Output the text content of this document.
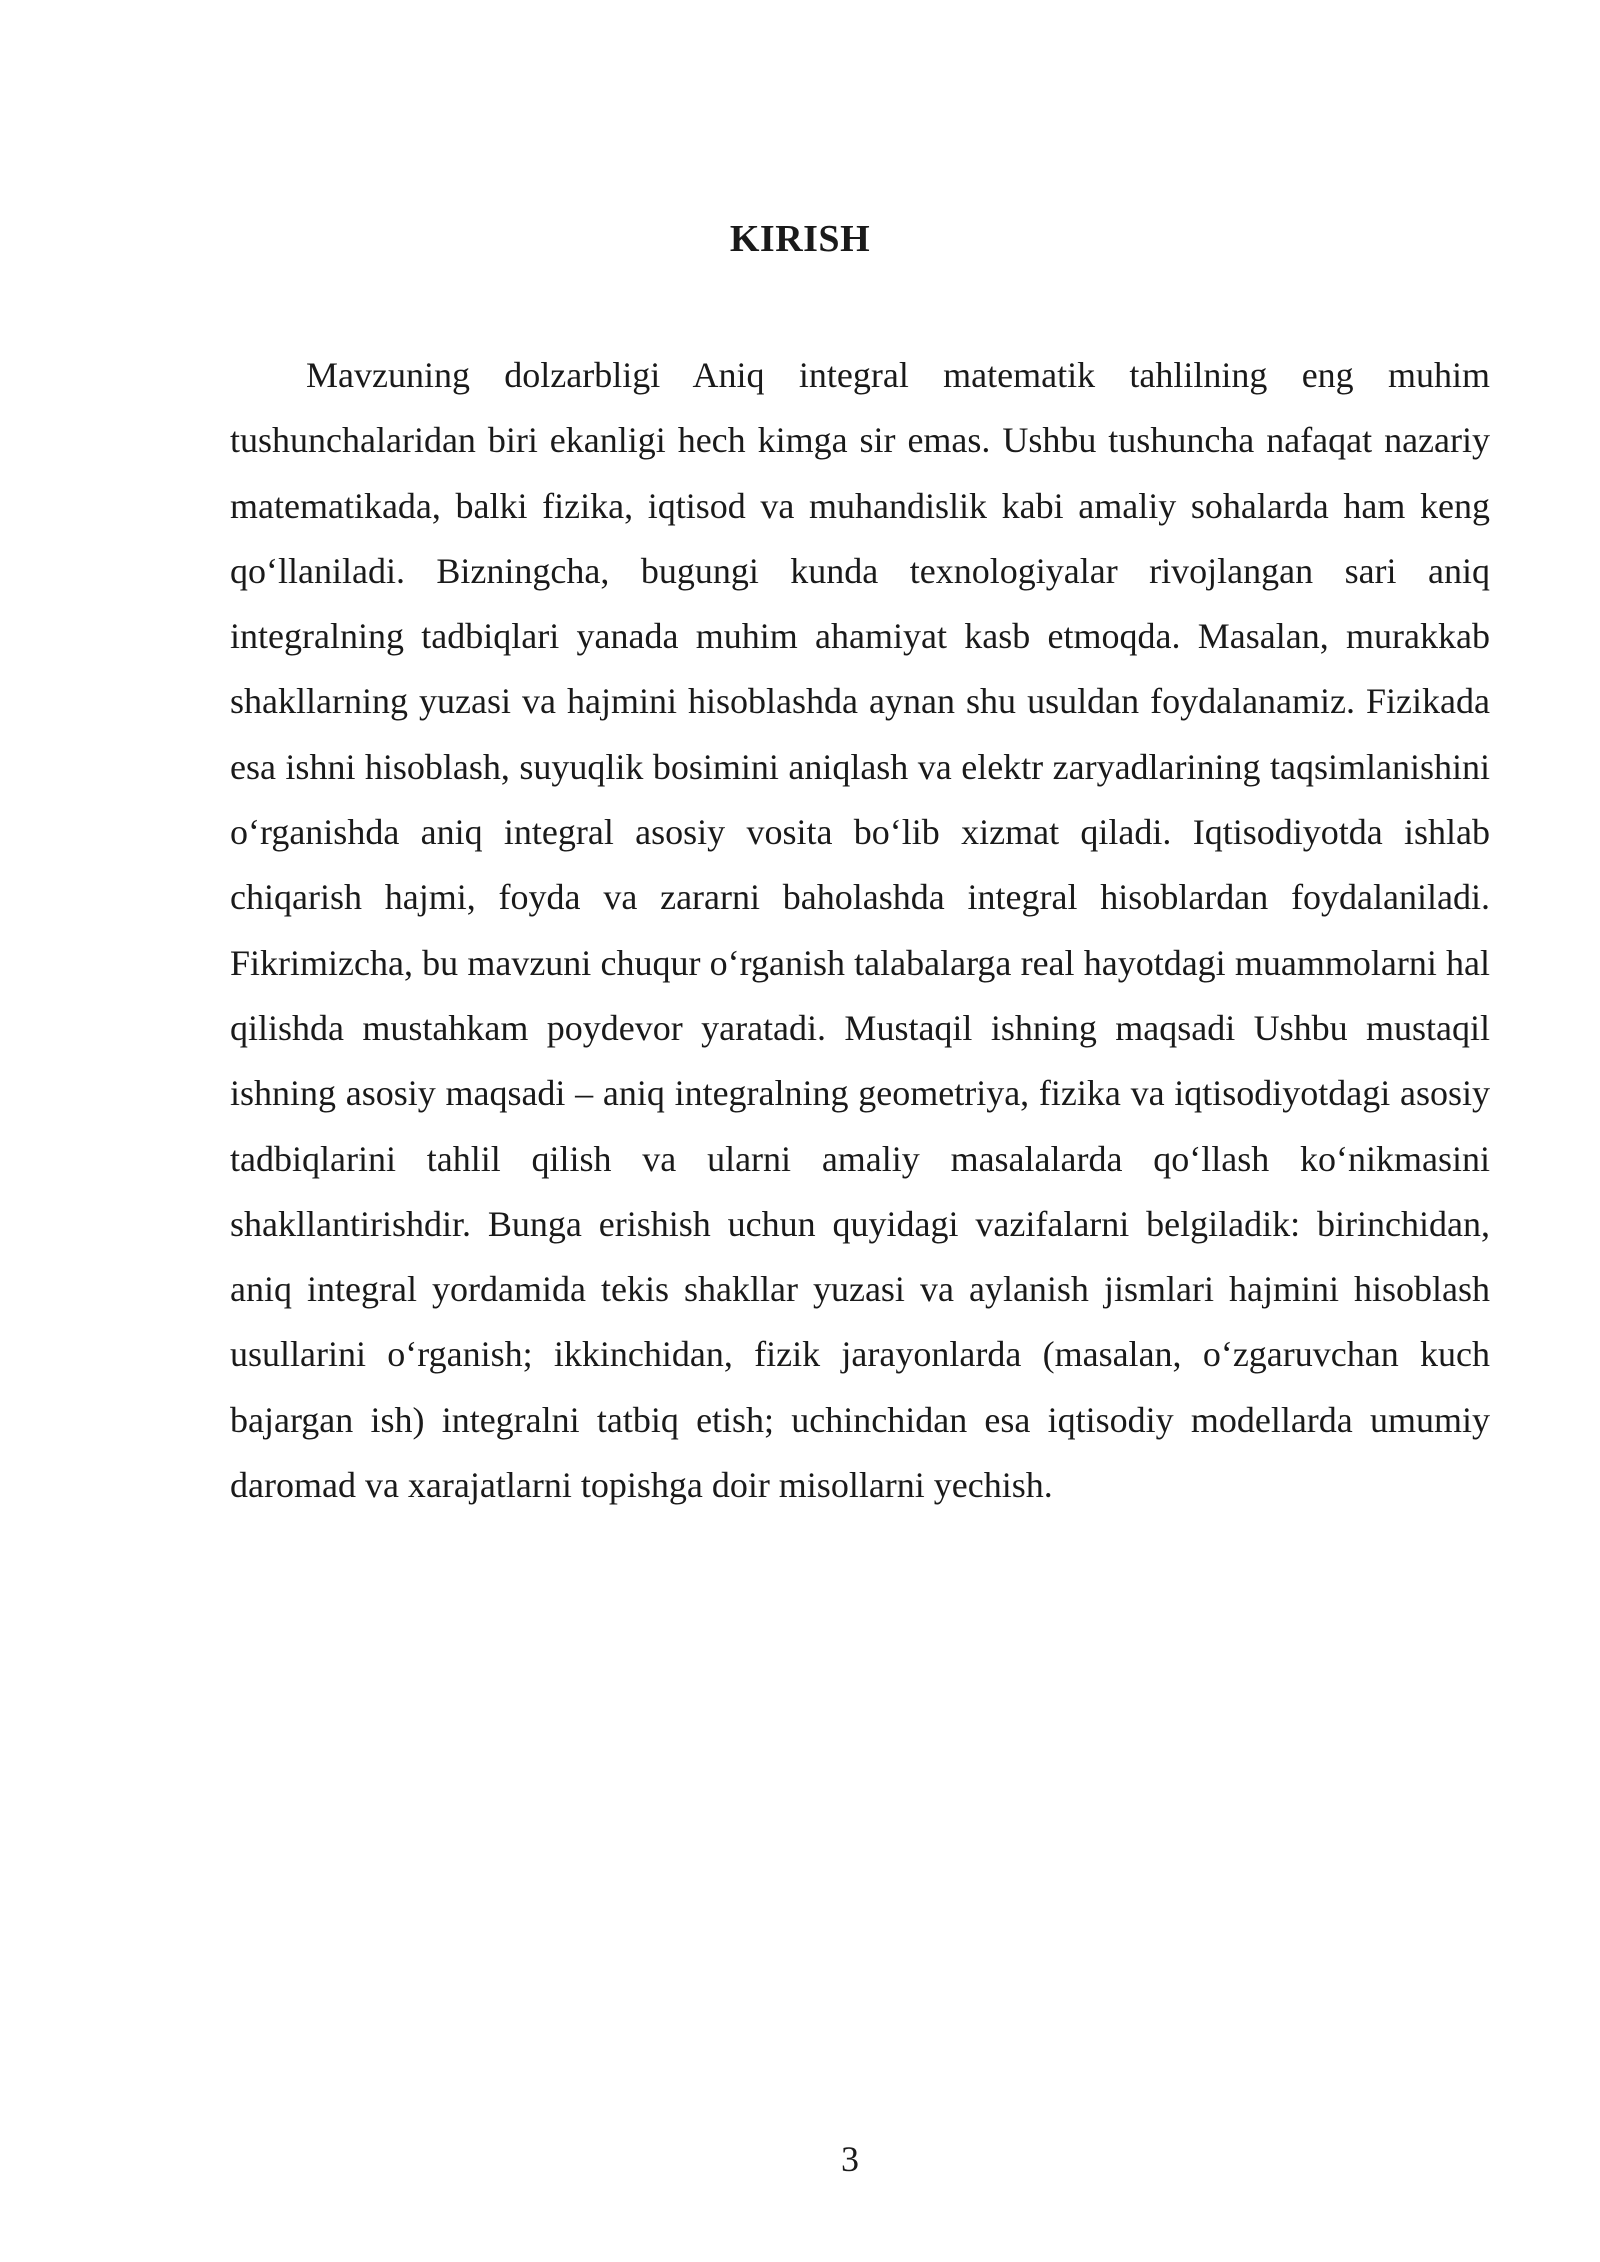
KIRISH

Mavzuning dolzarbligi Aniq integral matematik tahlilning eng muhim tushunchalaridan biri ekanligi hech kimga sir emas. Ushbu tushuncha nafaqat nazariy matematikada, balki fizika, iqtisod va muhandislik kabi amaliy sohalarda ham keng qo‘llaniladi. Bizningcha, bugungi kunda texnologiyalar rivojlangan sari aniq integralning tadbiqlari yanada muhim ahamiyat kasb etmoqda. Masalan, murakkab shakllarning yuzasi va hajmini hisoblashda aynan shu usuldan foydalanamiz. Fizikada esa ishni hisoblash, suyuqlik bosimini aniqlash va elektr zaryadlarining taqsimlanishini o‘rganishda aniq integral asosiy vosita bo‘lib xizmat qiladi. Iqtisodiyotda ishlab chiqarish hajmi, foyda va zararni baholashda integral hisoblardan foydalaniladi. Fikrimizcha, bu mavzuni chuqur o‘rganish talabalarga real hayotdagi muammolarni hal qilishda mustahkam poydevor yaratadi. Mustaqil ishning maqsadi Ushbu mustaqil ishning asosiy maqsadi – aniq integralning geometriya, fizika va iqtisodiyotdagi asosiy tadbiqlarini tahlil qilish va ularni amaliy masalalarda qo‘llash ko‘nikmasini shakllantirishdir. Bunga erishish uchun quyidagi vazifalarni belgiladik: birinchidan, aniq integral yordamida tekis shakllar yuzasi va aylanish jismlari hajmini hisoblash usullarini o‘rganish; ikkinchidan, fizik jarayonlarda (masalan, o‘zgaruvchan kuch bajargan ish) integralni tatbiq etish; uchinchidan esa iqtisodiy modellarda umumiy daromad va xarajatlarni topishga doir misollarni yechish.

3
